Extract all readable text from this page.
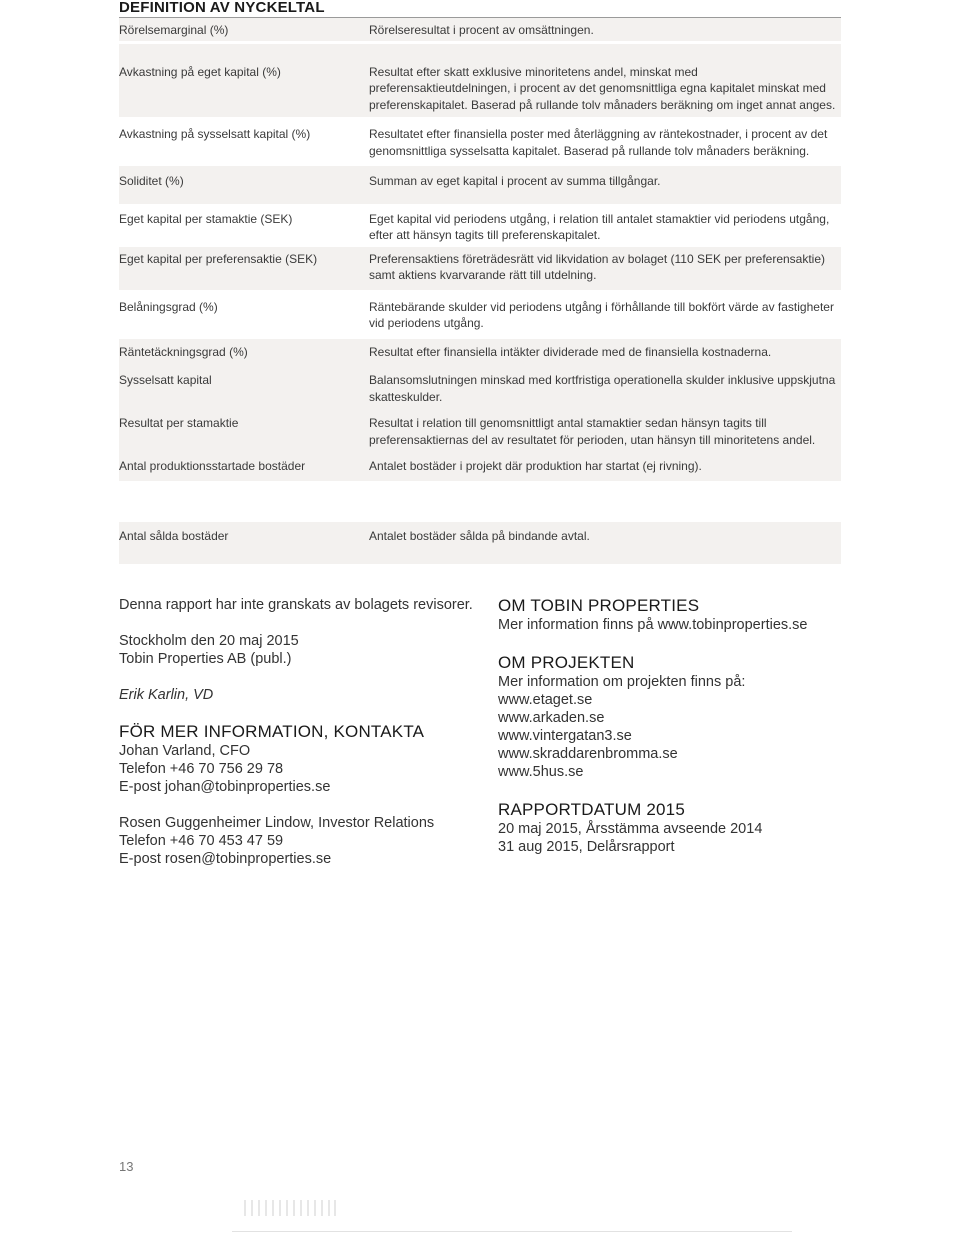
DEFINITION AV NYCKELTAL
Rörelsemarginal (%)	Rörelseresultat i procent av omsättningen.
Avkastning på eget kapital (%)	Resultat efter skatt exklusive minoritetens andel, minskat med preferensaktieutdelningen, i procent av det genomsnittliga egna kapitalet minskat med preferenskapitalet. Baserad på rullande tolv månaders beräkning om inget annat anges.
Avkastning på sysselsatt kapital (%)	Resultatet efter finansiella poster med återläggning av räntekostnader, i procent av det genomsnittliga sysselsatta kapitalet. Baserad på rullande tolv månaders beräkning.
Soliditet (%)	Summan av eget kapital i procent av summa tillgångar.
Eget kapital per stamaktie (SEK)	Eget kapital vid periodens utgång, i relation till antalet stamaktier vid periodens utgång, efter att hänsyn tagits till preferenskapitalet.
Eget kapital per preferensaktie (SEK)	Preferensaktiens företrädesrätt vid likvidation av bolaget (110 SEK per preferensaktie) samt aktiens kvarvarande rätt till utdelning.
Belåningsgrad (%)	Räntebärande skulder vid periodens utgång i förhållande till bokfört värde av fastigheter vid periodens utgång.
Räntetäckningsgrad (%)	Resultat efter finansiella intäkter dividerade med de finansiella kostnaderna.
Sysselsatt kapital	Balansomslutningen minskad med kortfristiga operationella skulder inklusive uppskjutna skatteskulder.
Resultat per stamaktie	Resultat i relation till genomsnittligt antal stamaktier sedan hänsyn tagits till preferensaktiernas del av resultatet för perioden, utan hänsyn till minoritetens andel.
Antal produktionsstartade bostäder	Antalet bostäder i projekt där produktion har startat (ej rivning).
Antal sålda bostäder	Antalet bostäder sålda på bindande avtal.

Denna rapport har inte granskats av bolagets revisorer.

Stockholm den 20 maj 2015

Tobin Properties AB (publ.)

Erik Karlin, VD

FÖR MER INFORMATION, KONTAKTA

Johan Varland, CFO

Telefon +46 70 756 29 78

E-post johan@tobinproperties.se

Rosen Guggenheimer Lindow, Investor Relations

Telefon +46 70 453 47 59

E-post rosen@tobinproperties.se

OM TOBIN PROPERTIES

Mer information finns på www.tobinproperties.se

OM PROJEKTEN

Mer information om projekten finns på:

www.etaget.se

www.arkaden.se

www.vintergatan3.se

www.skraddarenbromma.se

www.5hus.se

RAPPORTDATUM 2015

20 maj 2015, Årsstämma avseende 2014

31 aug 2015, Delårsrapport

13
